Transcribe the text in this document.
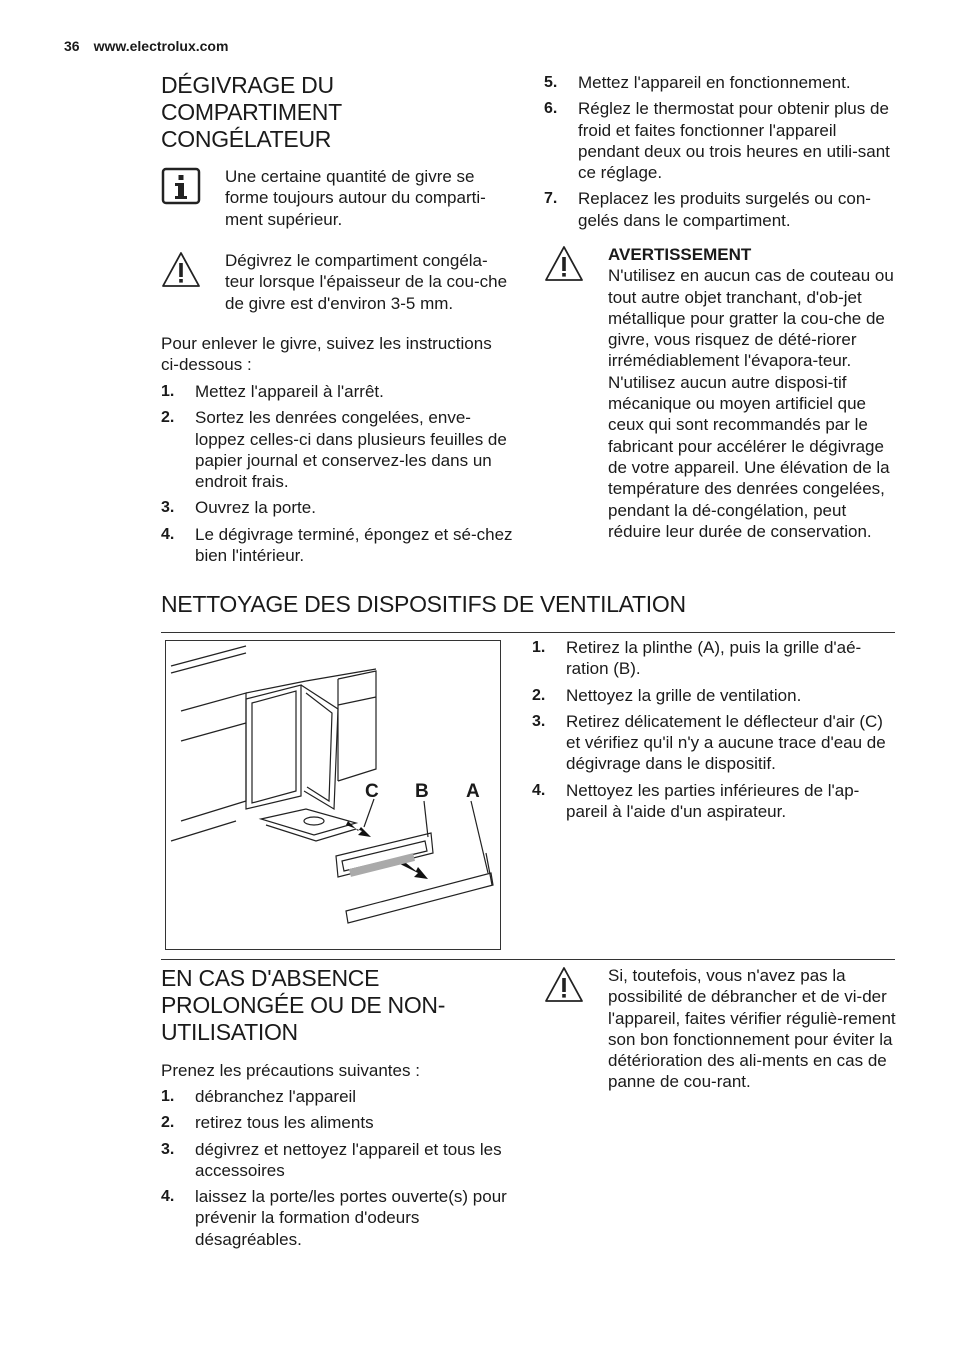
36 www.electrolux.com
DÉGIVRAGE DU COMPARTIMENT CONGÉLATEUR
Une certaine quantité de givre se forme toujours autour du comparti-ment supérieur.
Dégivrez le compartiment congéla-teur lorsque l'épaisseur de la cou-che de givre est d'environ 3-5 mm.
Pour enlever le givre, suivez les instructions ci-dessous :
1.	Mettez l'appareil à l'arrêt.
2.	Sortez les denrées congelées, enve-loppez celles-ci dans plusieurs feuilles de papier journal et conservez-les dans un endroit frais.
3.	Ouvrez la porte.
4.	Le dégivrage terminé, épongez et sé-chez bien l'intérieur.
5.	Mettez l'appareil en fonctionnement.
6.	Réglez le thermostat pour obtenir plus de froid et faites fonctionner l'appareil pendant deux ou trois heures en utili-sant ce réglage.
7.	Replacez les produits surgelés ou con-gelés dans le compartiment.
AVERTISSEMENT
N'utilisez en aucun cas de couteau ou tout autre objet tranchant, d'ob-jet métallique pour gratter la cou-che de givre, vous risquez de dété-riorer irrémédiablement l'évapora-teur. N'utilisez aucun autre disposi-tif mécanique ou moyen artificiel que ceux qui sont recommandés par le fabricant pour accélérer le dégivrage de votre appareil. Une élévation de la température des denrées congelées, pendant la dé-congélation, peut réduire leur durée de conservation.
NETTOYAGE DES DISPOSITIFS DE VENTILATION
C B A
1.	Retirez la plinthe (A), puis la grille d'aé-ration (B).
2.	Nettoyez la grille de ventilation.
3.	Retirez délicatement le déflecteur d'air (C) et vérifiez qu'il n'y a aucune trace d'eau de dégivrage dans le dispositif.
4.	Nettoyez les parties inférieures de l'ap-pareil à l'aide d'un aspirateur.
EN CAS D'ABSENCE PROLONGÉE OU DE NON-UTILISATION
Prenez les précautions suivantes :
1.	débranchez l'appareil
2.	retirez tous les aliments
3.	dégivrez et nettoyez l'appareil et tous les accessoires
4.	laissez la porte/les portes ouverte(s) pour prévenir la formation d'odeurs désagréables.
Si, toutefois, vous n'avez pas la possibilité de débrancher et de vi-der l'appareil, faites vérifier réguliè-rement son bon fonctionnement pour éviter la détérioration des ali-ments en cas de panne de cou-rant.
